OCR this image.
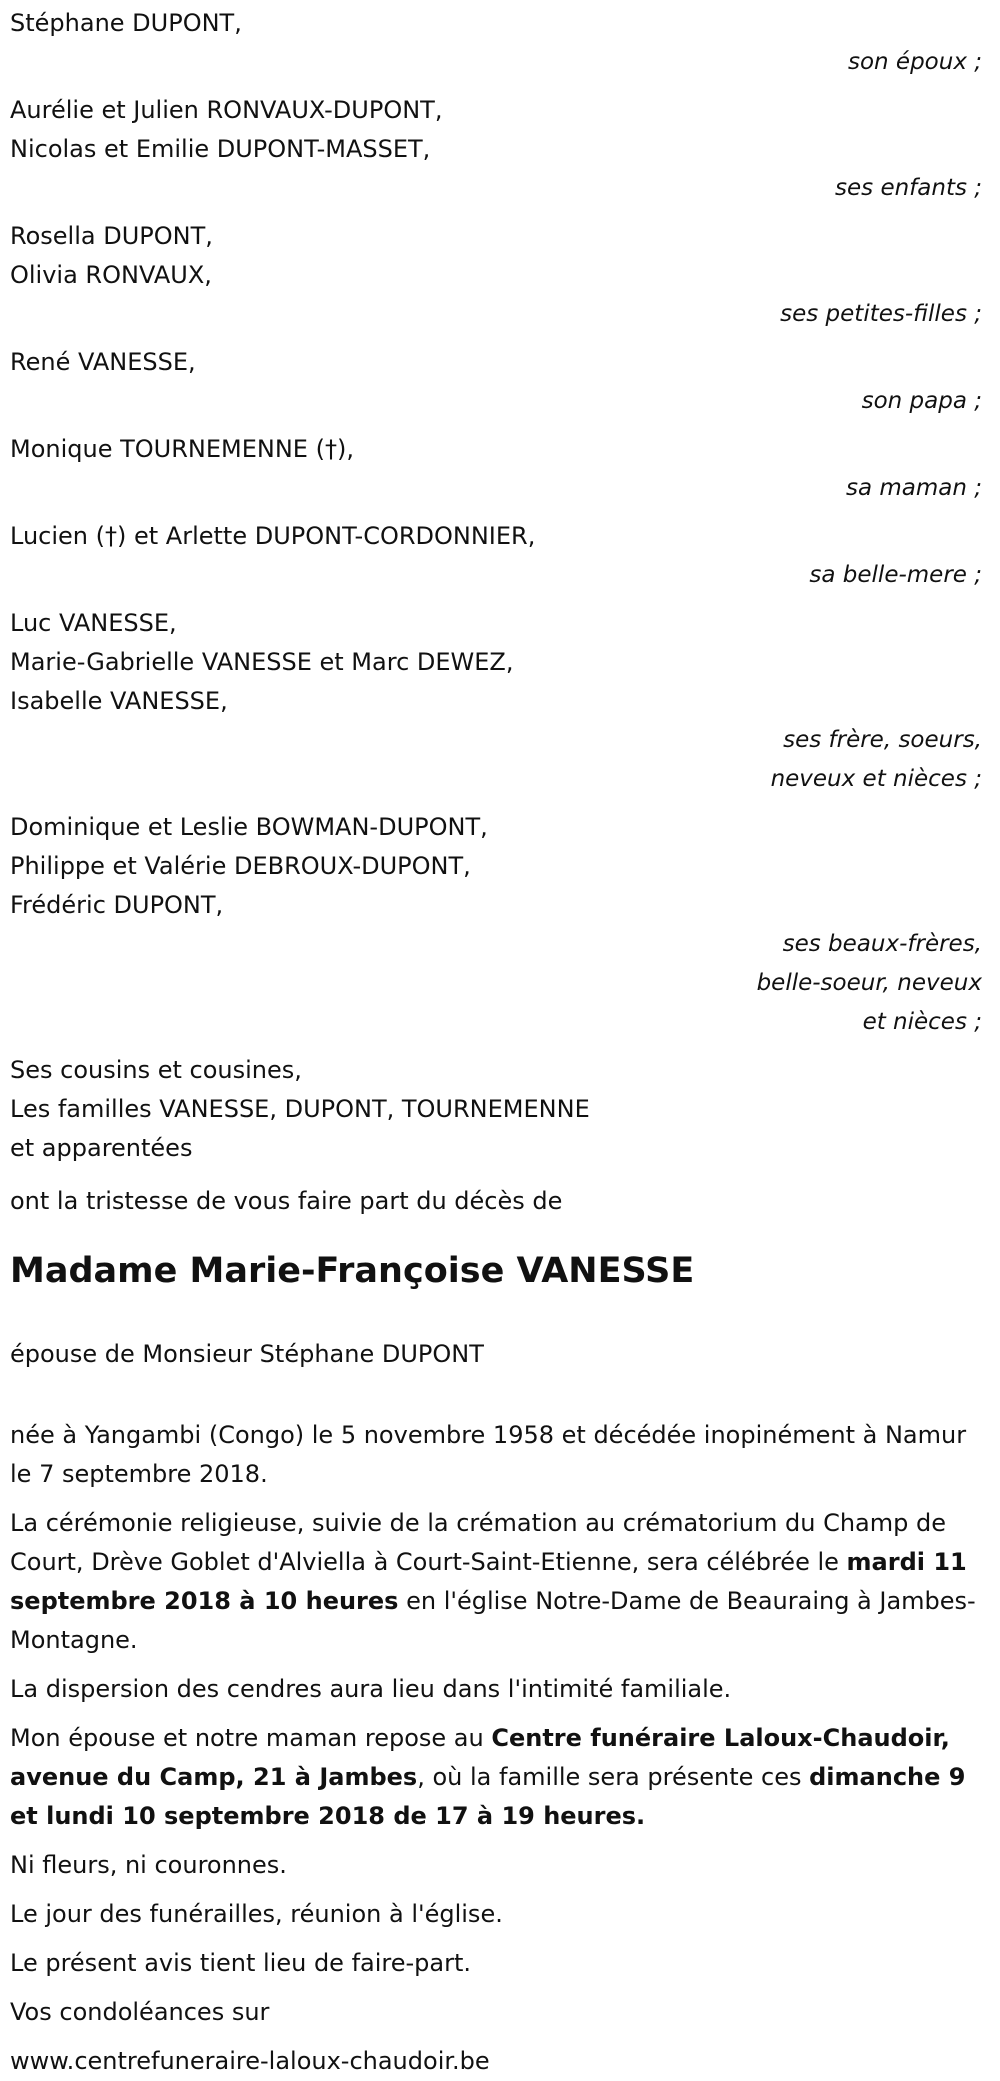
Stéphane DUPONT,
son époux ;
Aurélie et Julien RONVAUX-DUPONT,
Nicolas et Emilie DUPONT-MASSET,
ses enfants ;
Rosella DUPONT,
Olivia RONVAUX,
ses petites-filles ;
René VANESSE,
son papa ;
Monique TOURNEMENNE (†),
sa maman ;
Lucien (†) et Arlette DUPONT-CORDONNIER,
sa belle-mere ;
Luc VANESSE,
Marie-Gabrielle VANESSE et Marc DEWEZ,
Isabelle VANESSE,
ses frère, soeurs,
neveux et nièces ;
Dominique et Leslie BOWMAN-DUPONT,
Philippe et Valérie DEBROUX-DUPONT,
Frédéric DUPONT,
ses beaux-frères,
belle-soeur, neveux
et nièces ;
Ses cousins et cousines,
Les familles VANESSE, DUPONT, TOURNEMENNE
et apparentées
ont la tristesse de vous faire part du décès de
Madame Marie-Françoise VANESSE
épouse de Monsieur Stéphane DUPONT

née à Yangambi (Congo) le 5 novembre 1958 et décédée inopinément à Namur le 7 septembre 2018.

La cérémonie religieuse, suivie de la crémation au crématorium du Champ de Court, Drève Goblet d'Alviella à Court-Saint-Etienne, sera célébrée le mardi 11 septembre 2018 à 10 heures en l'église Notre-Dame de Beauraing à Jambes-Montagne.

La dispersion des cendres aura lieu dans l'intimité familiale.

Mon épouse et notre maman repose au Centre funéraire Laloux-Chaudoir, avenue du Camp, 21 à Jambes, où la famille sera présente ces dimanche 9 et lundi 10 septembre 2018 de 17 à 19 heures.

Ni fleurs, ni couronnes.

Le jour des funérailles, réunion à l'église.

Le présent avis tient lieu de faire-part.

Vos condoléances sur

www.centrefuneraire-laloux-chaudoir.be
